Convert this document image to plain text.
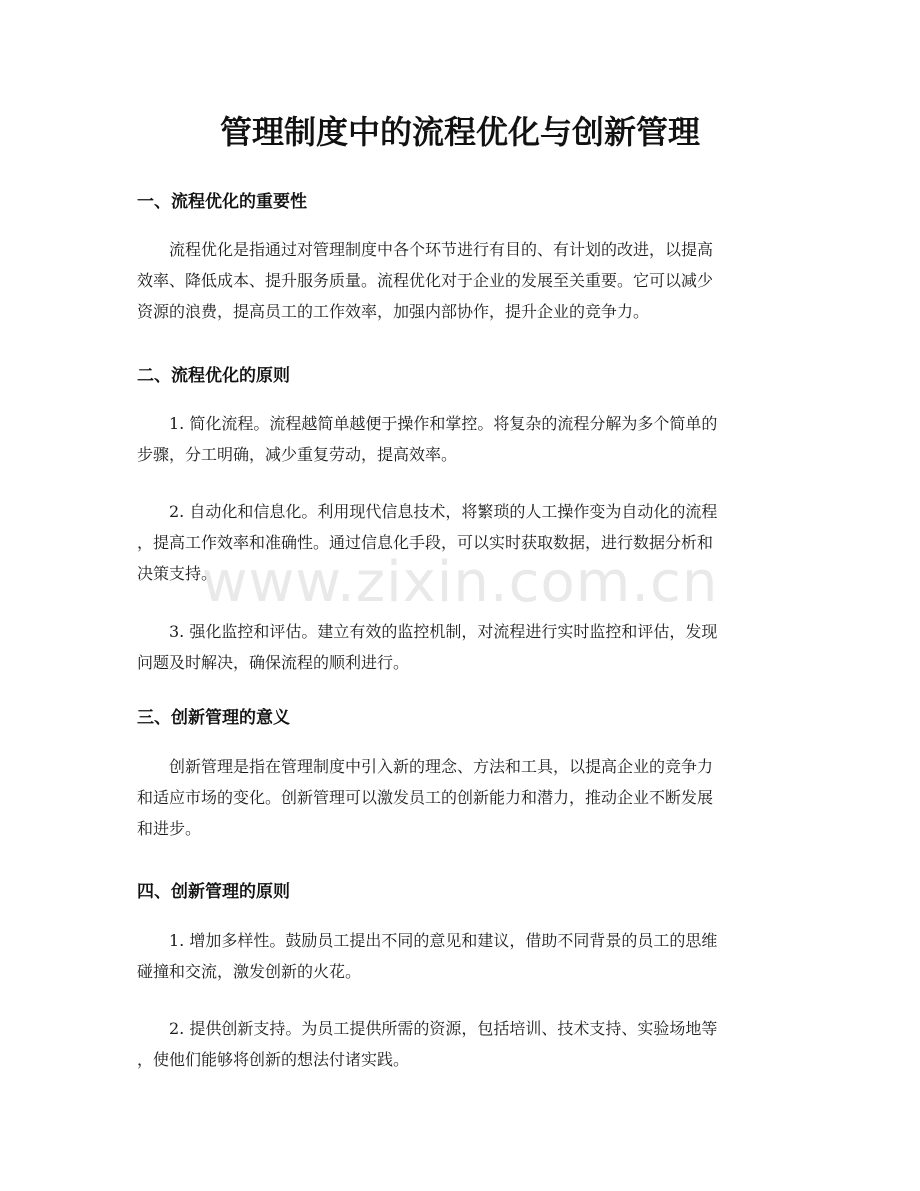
管理制度中的流程优化与创新管理
一、流程优化的重要性

流程优化是指通过对管理制度中各个环节进行有目的、有计划的改进，以提高
效率、降低成本、提升服务质量。流程优化对于企业的发展至关重要。它可以减少
资源的浪费，提高员工的工作效率，加强内部协作，提升企业的竞争力。

二、流程优化的原则

1. 简化流程。流程越简单越便于操作和掌控。将复杂的流程分解为多个简单的
步骤，分工明确，减少重复劳动，提高效率。

2. 自动化和信息化。利用现代信息技术，将繁琐的人工操作变为自动化的流程
，提高工作效率和准确性。通过信息化手段，可以实时获取数据，进行数据分析和
决策支持。

3. 强化监控和评估。建立有效的监控机制，对流程进行实时监控和评估，发现
问题及时解决，确保流程的顺利进行。

三、创新管理的意义

创新管理是指在管理制度中引入新的理念、方法和工具，以提高企业的竞争力
和适应市场的变化。创新管理可以激发员工的创新能力和潜力，推动企业不断发展
和进步。

四、创新管理的原则

1. 增加多样性。鼓励员工提出不同的意见和建议，借助不同背景的员工的思维
碰撞和交流，激发创新的火花。

2. 提供创新支持。为员工提供所需的资源，包括培训、技术支持、实验场地等
，使他们能够将创新的想法付诸实践。

www.zixin.com.cn
